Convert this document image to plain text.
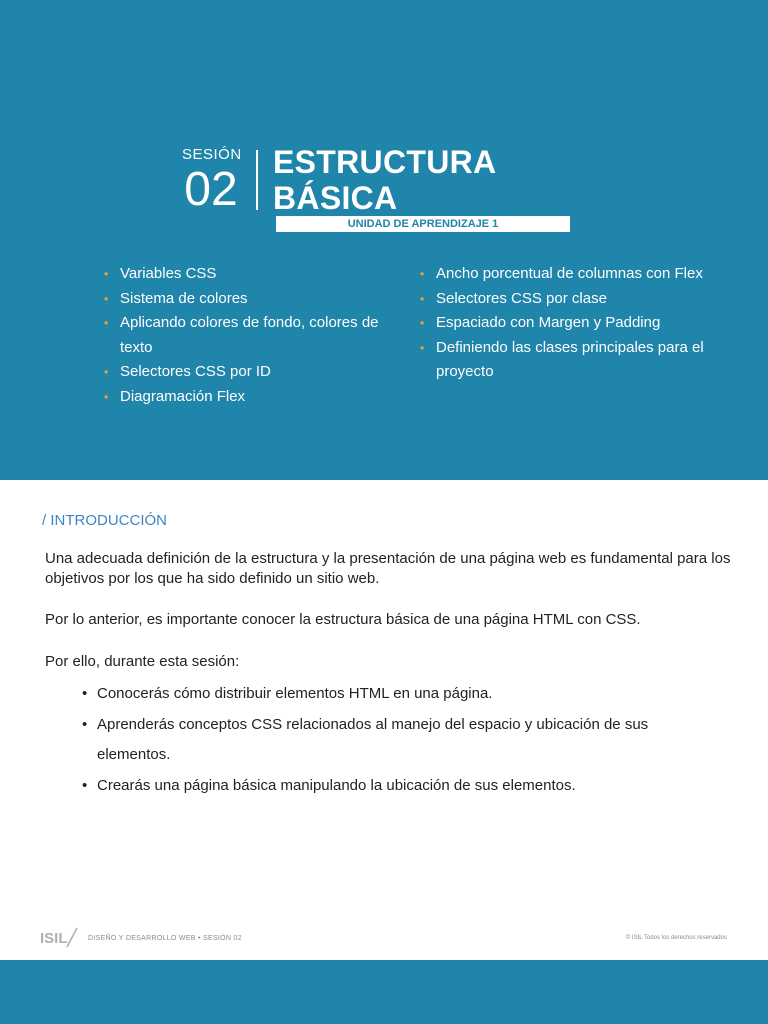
SESIÓN
02
ESTRUCTURA
BÁSICA
UNIDAD DE APRENDIZAJE 1
• Variables CSS
• Sistema de colores
• Aplicando colores de fondo, colores de texto
• Selectores CSS por ID
• Diagramación Flex
• Ancho porcentual de columnas con Flex
• Selectores CSS por clase
• Espaciado con Margen y Padding
• Definiendo las clases principales para el proyecto
/ INTRODUCCIÓN

Una adecuada definición de la estructura y la presentación de una página web es fundamental para los objetivos por los que ha sido definido un sitio web.

Por lo anterior, es importante conocer la estructura básica de una página HTML con CSS.

Por ello, durante esta sesión:

• Conocerás cómo distribuir elementos HTML en una página.
• Aprenderás conceptos CSS relacionados al manejo del espacio y ubicación de sus elementos.
• Crearás una página básica manipulando la ubicación de sus elementos.
ISIL	DISEÑO Y DESARROLLO WEB • SESIÓN 02	© ISIL Todos los derechos reservados
